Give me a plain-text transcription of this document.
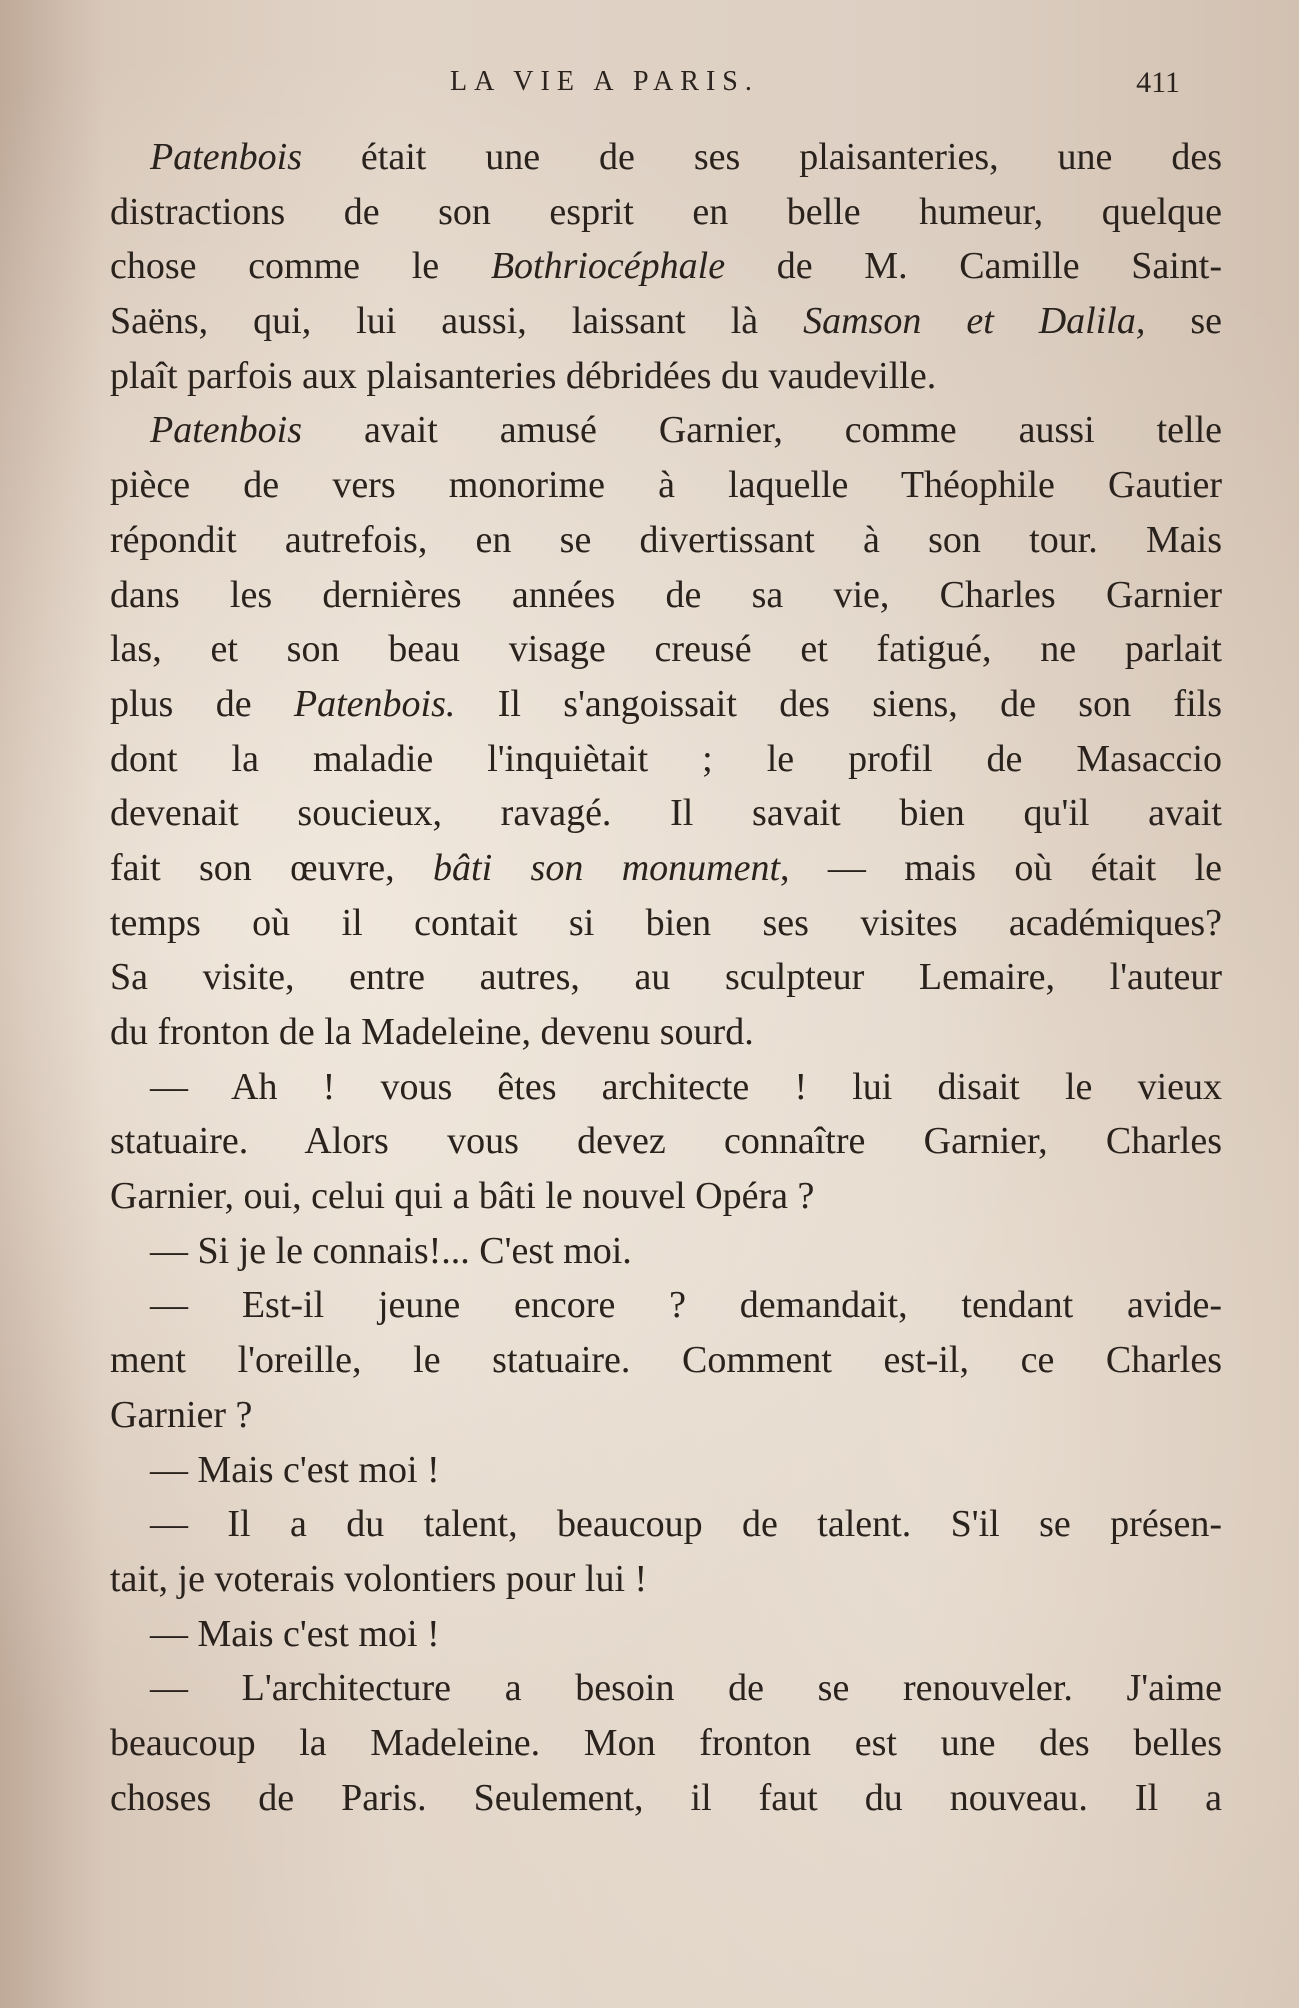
LA VIE A PARIS.	411
Patenbois était une de ses plaisanteries, une des
distractions de son esprit en belle humeur, quelque
chose comme le Bothriocéphale de M. Camille Saint-
Saëns, qui, lui aussi, laissant là Samson et Dalila, se
plaît parfois aux plaisanteries débridées du vaudeville.
Patenbois avait amusé Garnier, comme aussi telle
pièce de vers monorime à laquelle Théophile Gautier
répondit autrefois, en se divertissant à son tour. Mais
dans les dernières années de sa vie, Charles Garnier
las, et son beau visage creusé et fatigué, ne parlait
plus de Patenbois. Il s'angoissait des siens, de son fils
dont la maladie l'inquiètait ; le profil de Masaccio
devenait soucieux, ravagé. Il savait bien qu'il avait
fait son œuvre, bâti son monument, — mais où était le
temps où il contait si bien ses visites académiques?
Sa visite, entre autres, au sculpteur Lemaire, l'auteur
du fronton de la Madeleine, devenu sourd.
— Ah ! vous êtes architecte ! lui disait le vieux
statuaire. Alors vous devez connaître Garnier, Charles
Garnier, oui, celui qui a bâti le nouvel Opéra ?
— Si je le connais!... C'est moi.
— Est-il jeune encore ? demandait, tendant avide-
ment l'oreille, le statuaire. Comment est-il, ce Charles
Garnier ?
— Mais c'est moi !
— Il a du talent, beaucoup de talent. S'il se présen-
tait, je voterais volontiers pour lui !
— Mais c'est moi !
— L'architecture a besoin de se renouveler. J'aime
beaucoup la Madeleine. Mon fronton est une des belles
choses de Paris. Seulement, il faut du nouveau. Il a
